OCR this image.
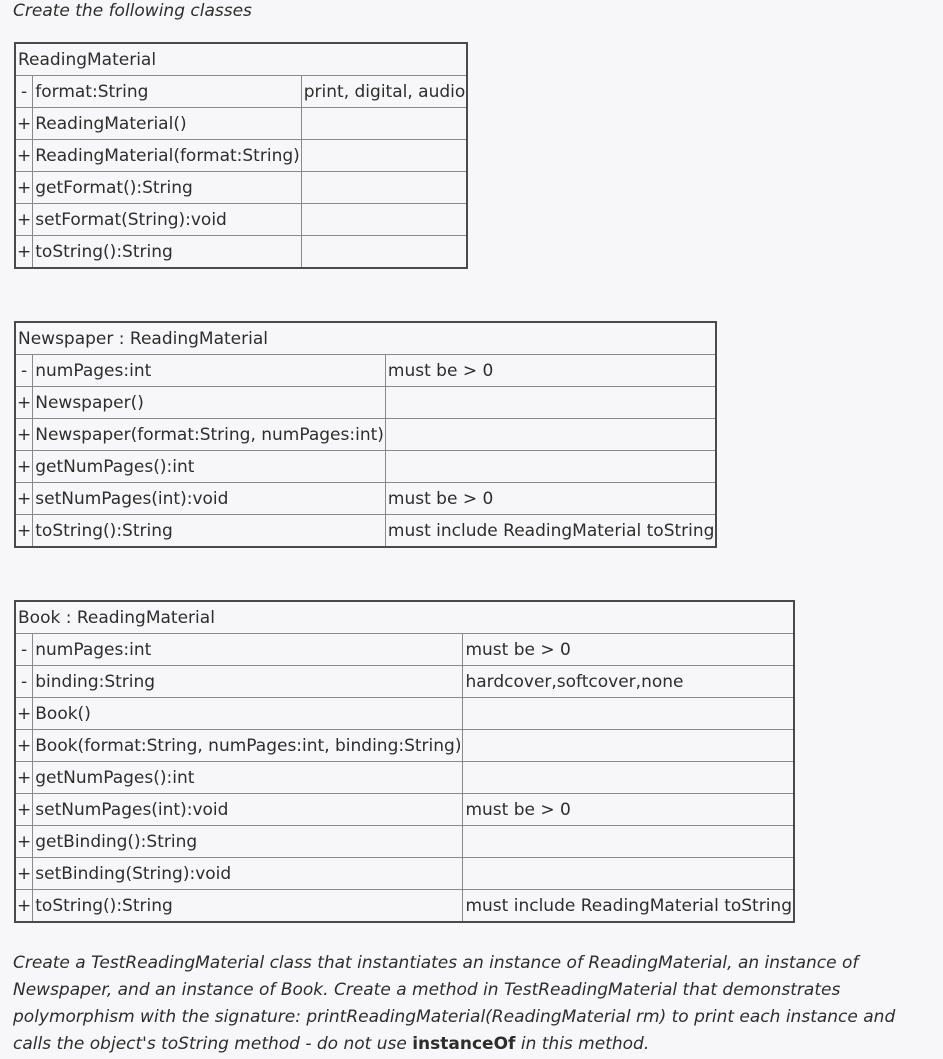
Create the following classes

ReadingMaterial		
-	format:String	print, digital, audio
+	ReadingMaterial()	
+	ReadingMaterial(format:String)	
+	getFormat():String	
+	setFormat(String):void	
+	toString():String	
Newspaper : ReadingMaterial		
-	numPages:int	must be > 0
+	Newspaper()	
+	Newspaper(format:String, numPages:int)	
+	getNumPages():int	
+	setNumPages(int):void	must be > 0
+	toString():String	must include ReadingMaterial toString
Book : ReadingMaterial		
-	numPages:int	must be > 0
-	binding:String	hardcover,softcover,none
+	Book()	
+	Book(format:String, numPages:int, binding:String)	
+	getNumPages():int	
+	setNumPages(int):void	must be > 0
+	getBinding():String	
+	setBinding(String):void	
+	toString():String	must include ReadingMaterial toString

Create a TestReadingMaterial class that instantiates an instance of ReadingMaterial, an instance of Newspaper, and an instance of Book. Create a method in TestReadingMaterial that demonstrates polymorphism with the signature: printReadingMaterial(ReadingMaterial rm) to print each instance and calls the object's toString method - do not use instanceOf in this method.
